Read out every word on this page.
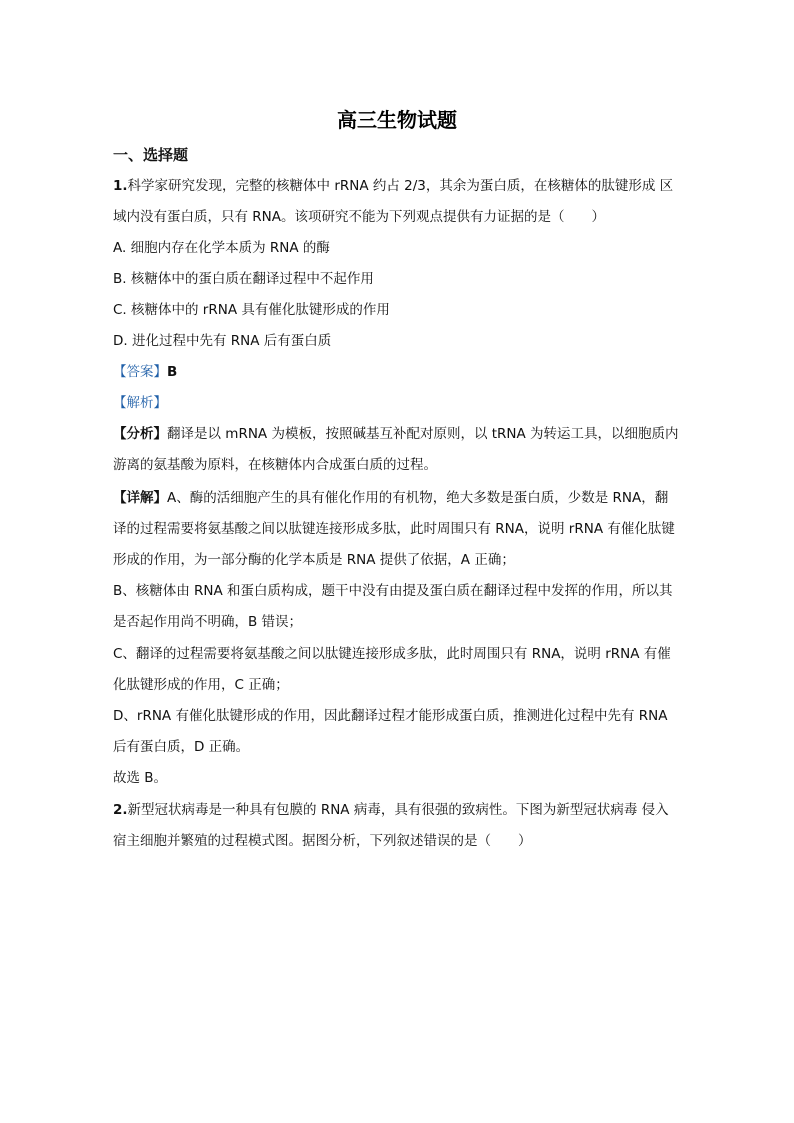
高三生物试题
一、选择题
1.科学家研究发现，完整的核糖体中 rRNA 约占 2/3，其余为蛋白质，在核糖体的肽键形成 区
域内没有蛋白质，只有 RNA。该项研究不能为下列观点提供有力证据的是（　　）
A. 细胞内存在化学本质为 RNA 的酶
B. 核糖体中的蛋白质在翻译过程中不起作用
C. 核糖体中的 rRNA 具有催化肽键形成的作用
D. 进化过程中先有 RNA 后有蛋白质
【答案】B
【解析】
【分析】翻译是以 mRNA 为模板，按照碱基互补配对原则，以 tRNA 为转运工具，以细胞质内
游离的氨基酸为原料，在核糖体内合成蛋白质的过程。
【详解】A、酶的活细胞产生的具有催化作用的有机物，绝大多数是蛋白质，少数是 RNA，翻
译的过程需要将氨基酸之间以肽键连接形成多肽，此时周围只有 RNA，说明 rRNA 有催化肽键
形成的作用，为一部分酶的化学本质是 RNA 提供了依据，A 正确；
B、核糖体由 RNA 和蛋白质构成，题干中没有由提及蛋白质在翻译过程中发挥的作用，所以其
是否起作用尚不明确，B 错误；
C、翻译的过程需要将氨基酸之间以肽键连接形成多肽，此时周围只有 RNA，说明 rRNA 有催
化肽键形成的作用，C 正确；
D、rRNA 有催化肽键形成的作用，因此翻译过程才能形成蛋白质，推测进化过程中先有 RNA
后有蛋白质，D 正确。
故选 B。
2.新型冠状病毒是一种具有包膜的 RNA 病毒，具有很强的致病性。下图为新型冠状病毒 侵入
宿主细胞并繁殖的过程模式图。据图分析，下列叙述错误的是（　　）
